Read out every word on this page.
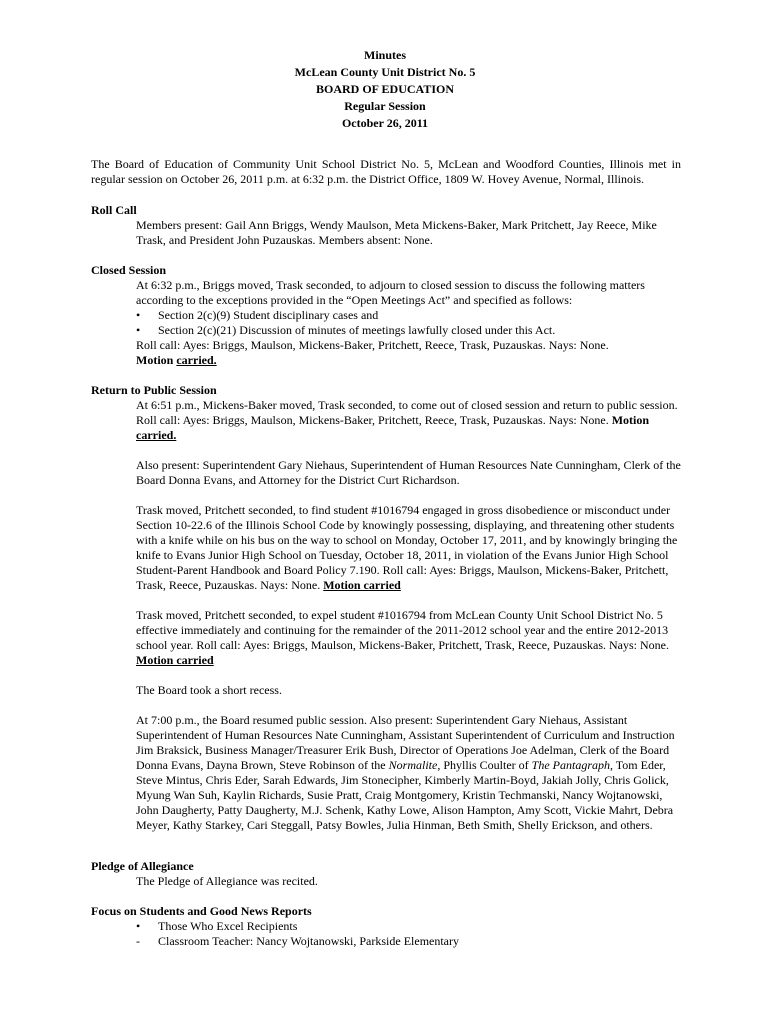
Minutes
McLean County Unit District No. 5
BOARD OF EDUCATION
Regular Session
October 26, 2011
The Board of Education of Community Unit School District No. 5, McLean and Woodford Counties, Illinois met in regular session on October 26, 2011 p.m. at 6:32 p.m. the District Office, 1809 W. Hovey Avenue, Normal, Illinois.
Roll Call
Members present: Gail Ann Briggs, Wendy Maulson, Meta Mickens-Baker, Mark Pritchett, Jay Reece, Mike Trask, and President John Puzauskas. Members absent: None.
Closed Session
At 6:32 p.m., Briggs moved, Trask seconded, to adjourn to closed session to discuss the following matters according to the exceptions provided in the “Open Meetings Act” and specified as follows:
• Section 2(c)(9) Student disciplinary cases and
• Section 2(c)(21) Discussion of minutes of meetings lawfully closed under this Act.
Roll call: Ayes: Briggs, Maulson, Mickens-Baker, Pritchett, Reece, Trask, Puzauskas. Nays: None.
Motion carried.
Return to Public Session
At 6:51 p.m., Mickens-Baker moved, Trask seconded, to come out of closed session and return to public session. Roll call: Ayes: Briggs, Maulson, Mickens-Baker, Pritchett, Reece, Trask, Puzauskas. Nays: None. Motion carried.
Also present: Superintendent Gary Niehaus, Superintendent of Human Resources Nate Cunningham, Clerk of the Board Donna Evans, and Attorney for the District Curt Richardson.
Trask moved, Pritchett seconded, to find student #1016794 engaged in gross disobedience or misconduct under Section 10-22.6 of the Illinois School Code by knowingly possessing, displaying, and threatening other students with a knife while on his bus on the way to school on Monday, October 17, 2011, and by knowingly bringing the knife to Evans Junior High School on Tuesday, October 18, 2011, in violation of the Evans Junior High School Student-Parent Handbook and Board Policy 7.190. Roll call: Ayes: Briggs, Maulson, Mickens-Baker, Pritchett, Trask, Reece, Puzauskas. Nays: None. Motion carried
Trask moved, Pritchett seconded, to expel student #1016794 from McLean County Unit School District No. 5 effective immediately and continuing for the remainder of the 2011-2012 school year and the entire 2012-2013 school year. Roll call: Ayes: Briggs, Maulson, Mickens-Baker, Pritchett, Trask, Reece, Puzauskas. Nays: None. Motion carried
The Board took a short recess.
At 7:00 p.m., the Board resumed public session. Also present: Superintendent Gary Niehaus, Assistant Superintendent of Human Resources Nate Cunningham, Assistant Superintendent of Curriculum and Instruction Jim Braksick, Business Manager/Treasurer Erik Bush, Director of Operations Joe Adelman, Clerk of the Board Donna Evans, Dayna Brown, Steve Robinson of the Normalite, Phyllis Coulter of The Pantagraph, Tom Eder, Steve Mintus, Chris Eder, Sarah Edwards, Jim Stonecipher, Kimberly Martin-Boyd, Jakiah Jolly, Chris Golick, Myung Wan Suh, Kaylin Richards, Susie Pratt, Craig Montgomery, Kristin Techmanski, Nancy Wojtanowski, John Daugherty, Patty Daugherty, M.J. Schenk, Kathy Lowe, Alison Hampton, Amy Scott, Vickie Mahrt, Debra Meyer, Kathy Starkey, Cari Steggall, Patsy Bowles, Julia Hinman, Beth Smith, Shelly Erickson, and others.
Pledge of Allegiance
The Pledge of Allegiance was recited.
Focus on Students and Good News Reports
• Those Who Excel Recipients
- Classroom Teacher: Nancy Wojtanowski, Parkside Elementary
